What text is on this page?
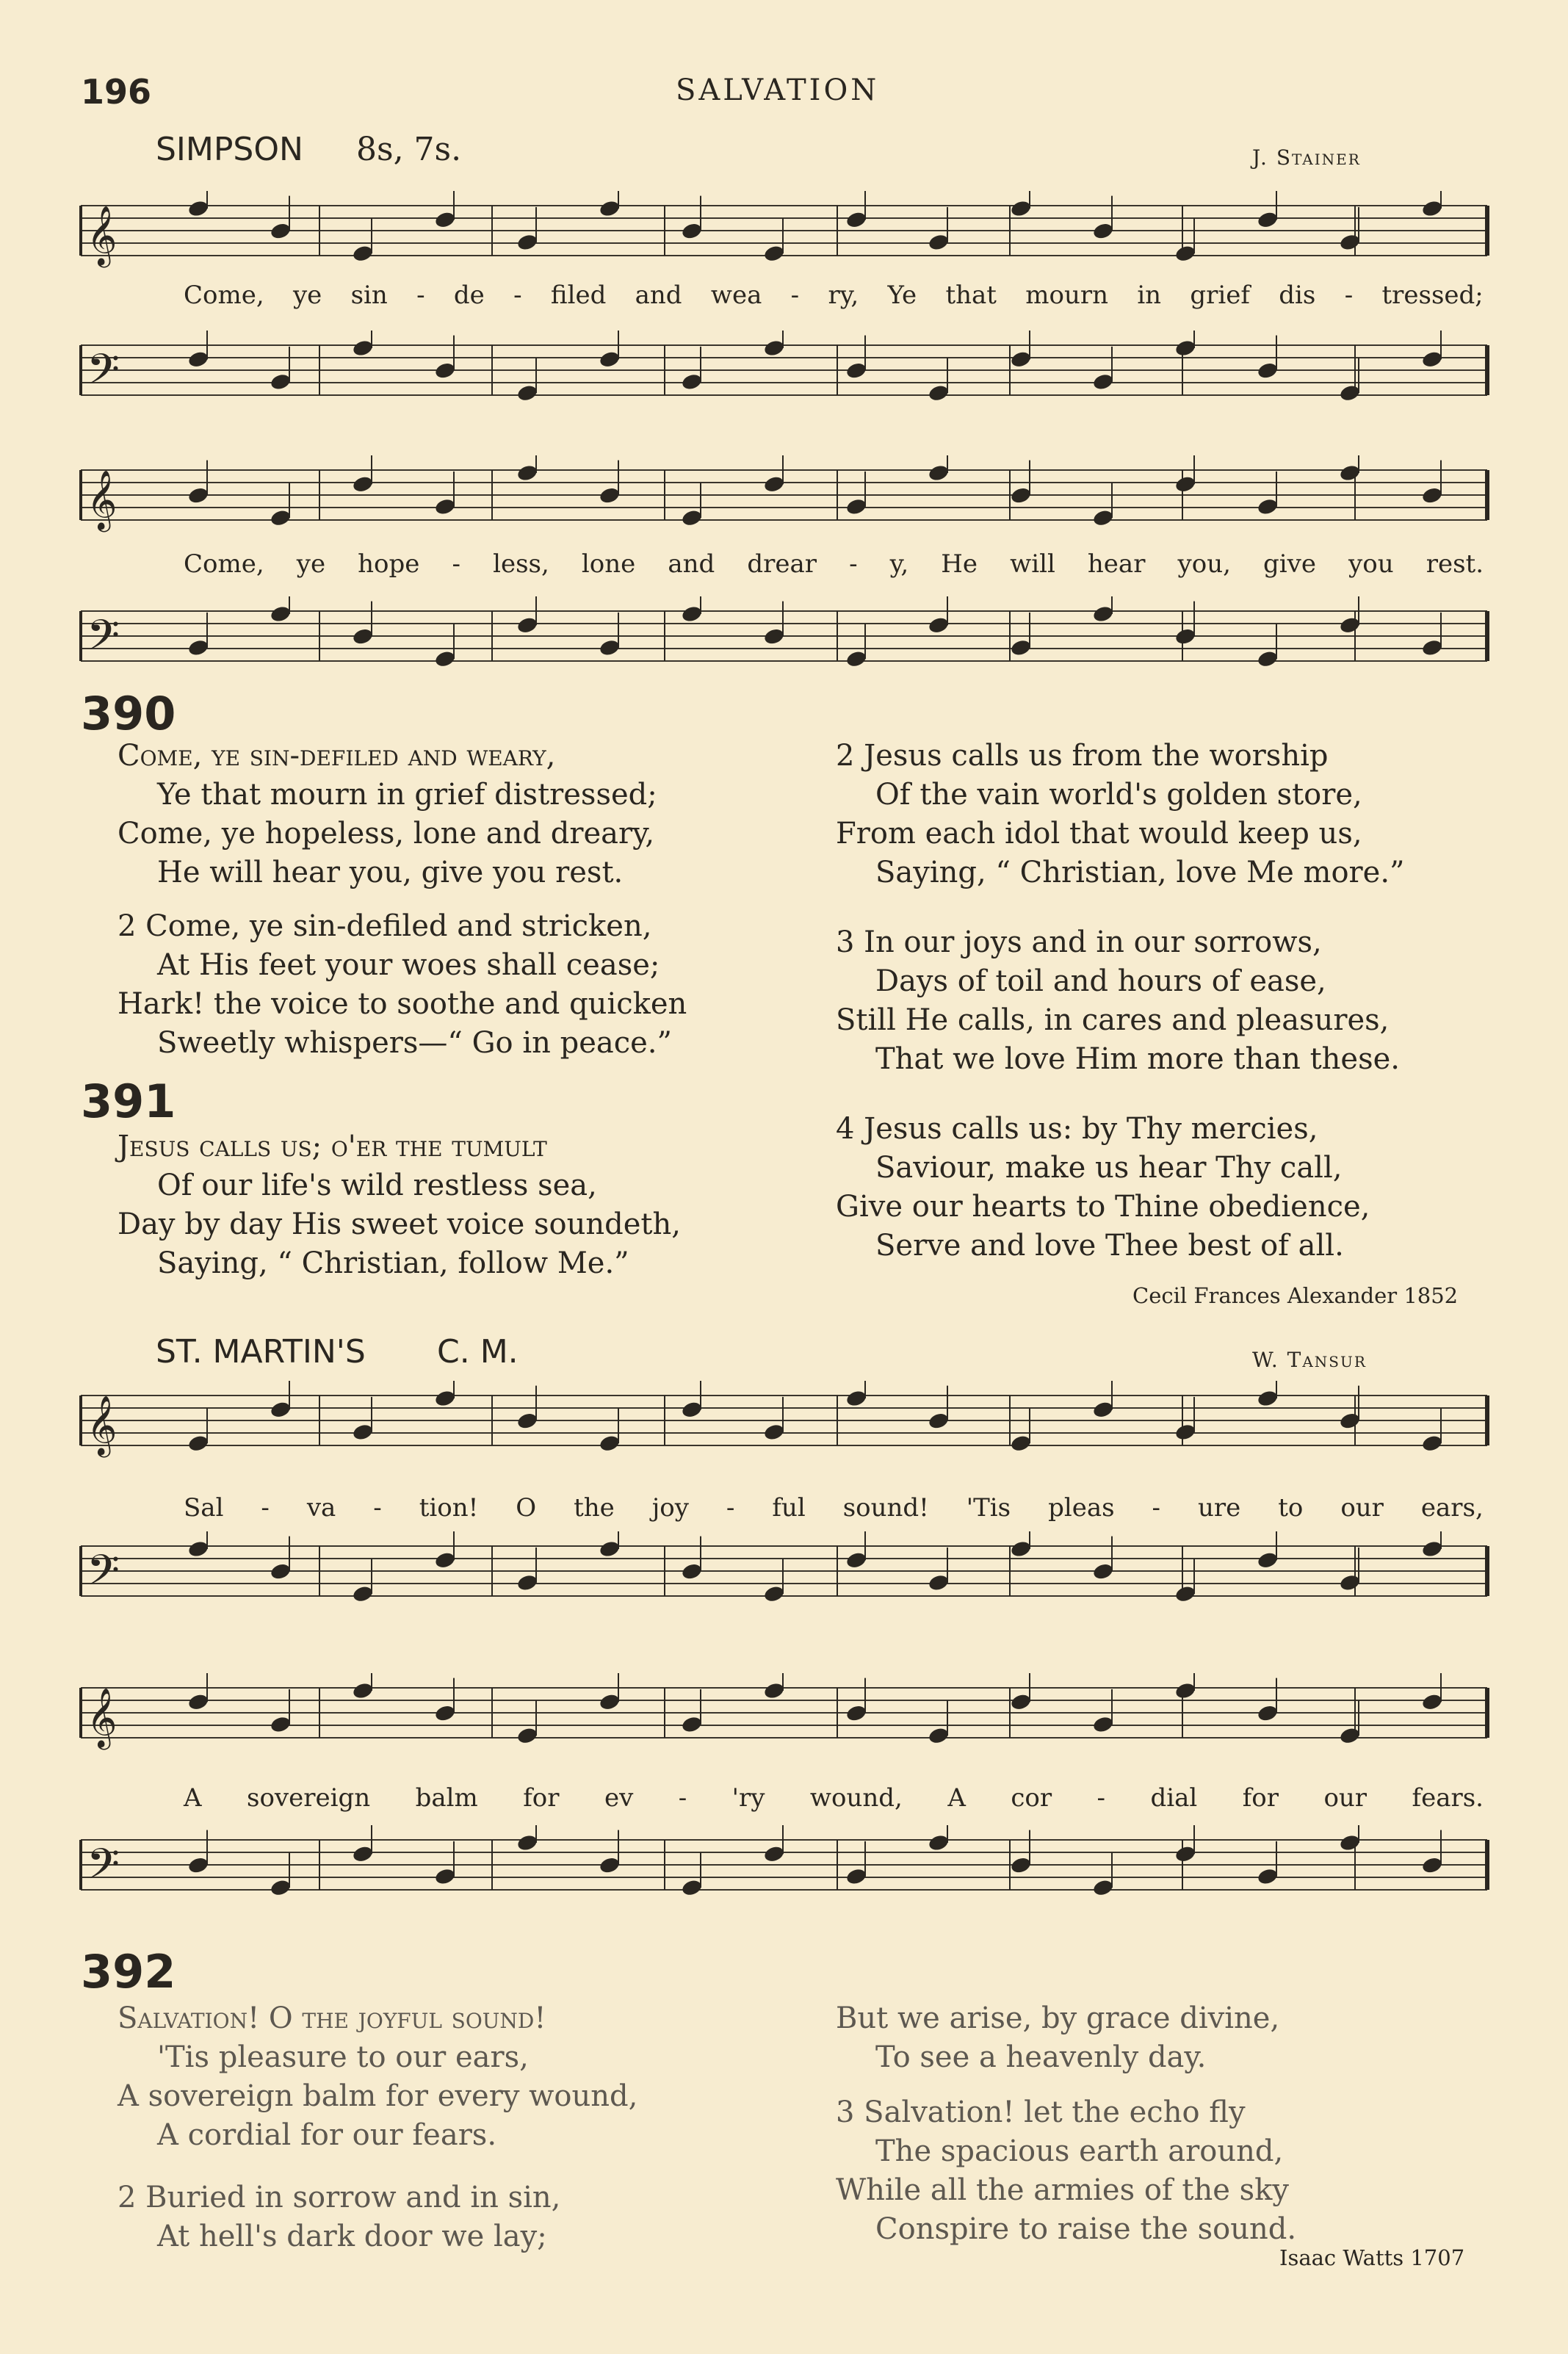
196	SALVATION
SIMPSON 8s, 7s.	J. Stainer
𝄞
Come, ye sin - de - filed and wea - ry, Ye that mourn in grief dis - tressed;
𝄢
𝄞
Come, ye hope - less, lone and drear - y, He will hear you, give you rest.
𝄢
390

Come, ye sin-defiled and weary,

Ye that mourn in grief distressed;

Come, ye hopeless, lone and dreary,

He will hear you, give you rest.

2 Come, ye sin-defiled and stricken,

At His feet your woes shall cease;

Hark! the voice to soothe and quicken

Sweetly whispers—“ Go in peace.”

2 Jesus calls us from the worship

Of the vain world's golden store,

From each idol that would keep us,

Saying, “ Christian, love Me more.”

3 In our joys and in our sorrows,

Days of toil and hours of ease,

Still He calls, in cares and pleasures,

That we love Him more than these.

4 Jesus calls us: by Thy mercies,

Saviour, make us hear Thy call,

Give our hearts to Thine obedience,

Serve and love Thee best of all.

391

Jesus calls us; o'er the tumult

Of our life's wild restless sea,

Day by day His sweet voice soundeth,

Saying, “ Christian, follow Me.”

Cecil Frances Alexander 1852
ST. MARTIN'S C. M.	W. Tansur
𝄞
Sal - va - tion! O the joy - ful sound! 'Tis pleas - ure to our ears,
𝄢
𝄞
A sovereign balm for ev - 'ry wound, A cor - dial for our fears.
𝄢
392

Salvation! O the joyful sound!

'Tis pleasure to our ears,

A sovereign balm for every wound,

A cordial for our fears.

2 Buried in sorrow and in sin,

At hell's dark door we lay;

But we arise, by grace divine,

To see a heavenly day.

3 Salvation! let the echo fly

The spacious earth around,

While all the armies of the sky

Conspire to raise the sound.

Isaac Watts 1707
